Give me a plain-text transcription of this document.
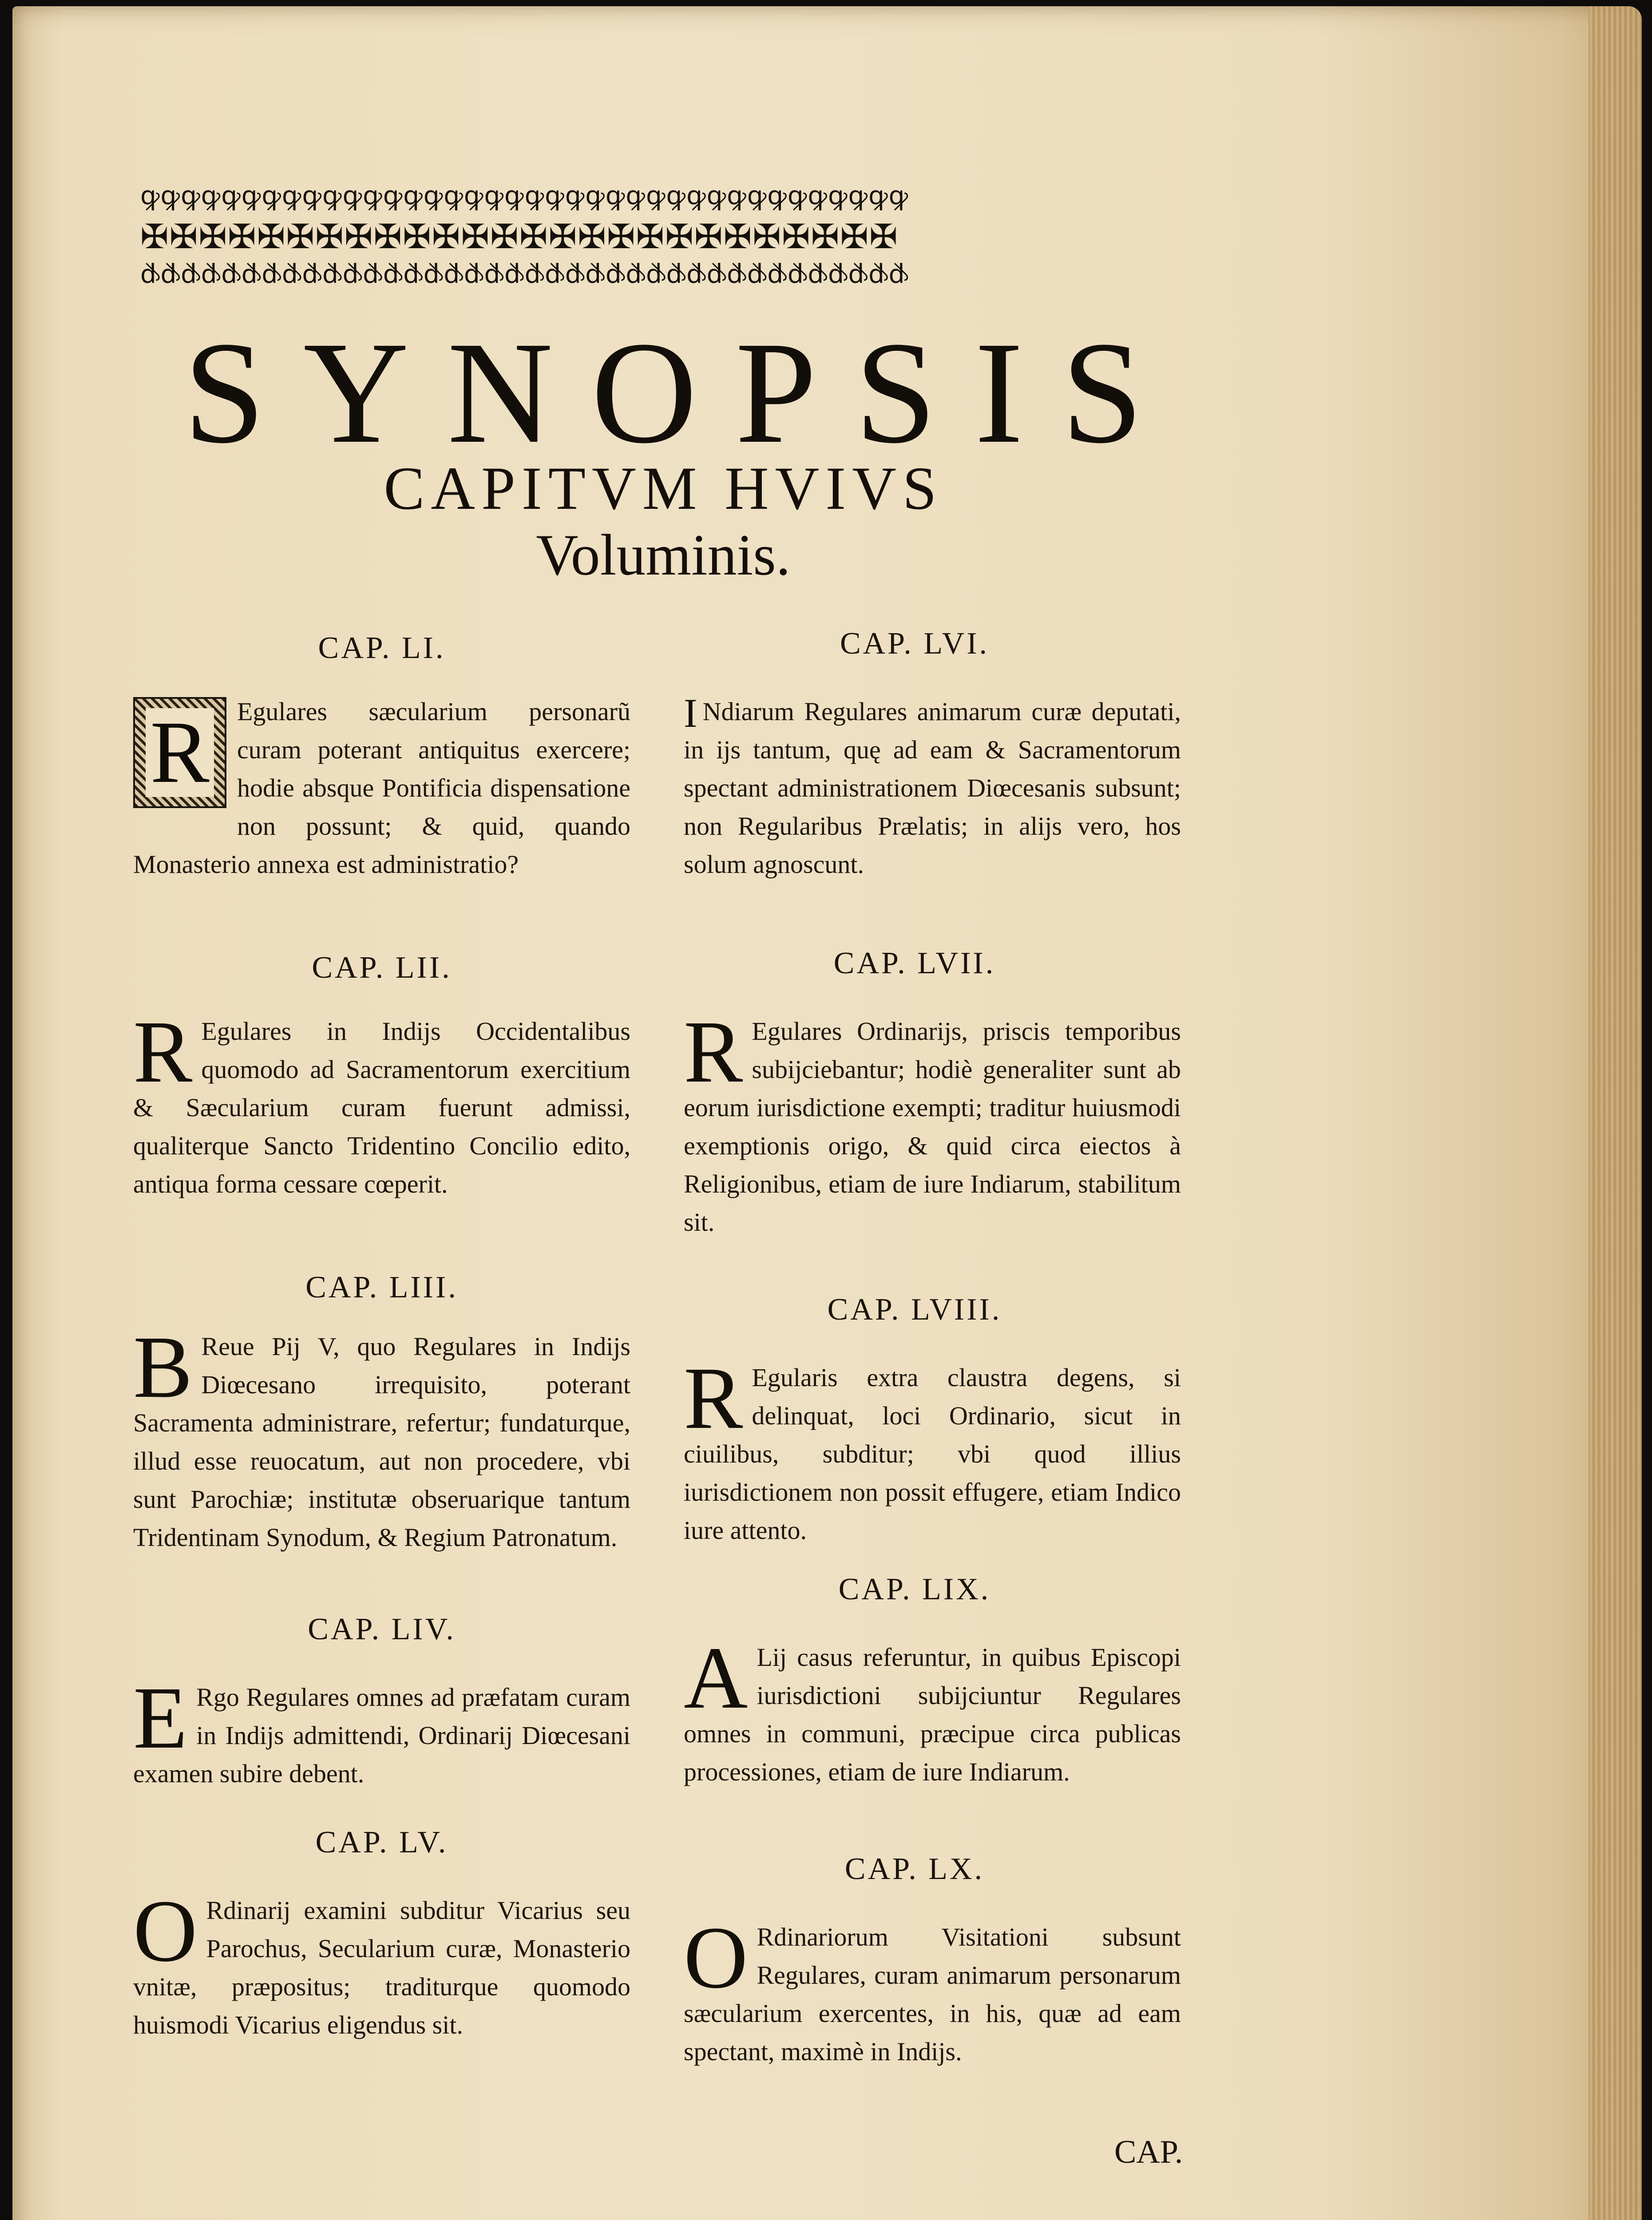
ꝙꝙꝙꝙꝙꝙꝙꝙꝙꝙꝙꝙꝙꝙꝙꝙꝙꝙꝙꝙꝙꝙꝙꝙꝙꝙꝙꝙꝙꝙꝙꝙꝙꝙꝙꝙꝙꝙ
✠✠✠✠✠✠✠✠✠✠✠✠✠✠✠✠✠✠✠✠✠✠✠✠✠✠
ꝙꝙꝙꝙꝙꝙꝙꝙꝙꝙꝙꝙꝙꝙꝙꝙꝙꝙꝙꝙꝙꝙꝙꝙꝙꝙꝙꝙꝙꝙꝙꝙꝙꝙꝙꝙꝙꝙ
SYNOPSIS
CAPITVM HVIVS
Voluminis.
CAP. LI.

R Egulares sæcularium personarũ curam poterant antiquitus exercere; hodie absque Pontificia dispensatione non possunt; & quid, quando Monasterio annexa est administratio?

CAP. LII.

R Egulares in Indijs Occidentalibus quomodo ad Sacramentorum exercitium & Sæcularium curam fuerunt admissi, qualiterque Sancto Tridentino Concilio edito, antiqua forma cessare cœperit.

CAP. LIII.

B Reue Pij V, quo Regulares in Indijs Diœcesano irrequisito, poterant Sacramenta administrare, refertur; fundaturque, illud esse reuocatum, aut non procedere, vbi sunt Parochiæ; institutæ obseruarique tantum Tridentinam Synodum, & Regium Patronatum.

CAP. LIV.

E Rgo Regulares omnes ad præfatam curam in Indijs admittendi, Ordinarij Diœcesani examen subire debent.

CAP. LV.

O Rdinarij examini subditur Vicarius seu Parochus, Secularium curæ, Monasterio vnitæ, præpositus; traditurque quomodo huismodi Vicarius eligendus sit.

CAP. LVI.

I Ndiarum Regulares animarum curæ deputati, in ijs tantum, quę ad eam & Sacramentorum spectant administrationem Diœcesanis subsunt; non Regularibus Prælatis; in alijs vero, hos solum agnoscunt.

CAP. LVII.

R Egulares Ordinarijs, priscis temporibus subijciebantur; hodiè generaliter sunt ab eorum iurisdictione exempti; traditur huiusmodi exemptionis origo, & quid circa eiectos à Religionibus, etiam de iure Indiarum, stabilitum sit.

CAP. LVIII.

R Egularis extra claustra degens, si delinquat, loci Ordinario, sicut in ciuilibus, subditur; vbi quod illius iurisdictionem non possit effugere, etiam Indico iure attento.

CAP. LIX.

A Lij casus referuntur, in quibus Episcopi iurisdictioni subijciuntur Regulares omnes in communi, præcipue circa publicas processiones, etiam de iure Indiarum.

CAP. LX.

O Rdinariorum Visitationi subsunt Regulares, curam animarum personarum sæcularium exercentes, in his, quæ ad eam spectant, maximè in Indijs.

CAP.
